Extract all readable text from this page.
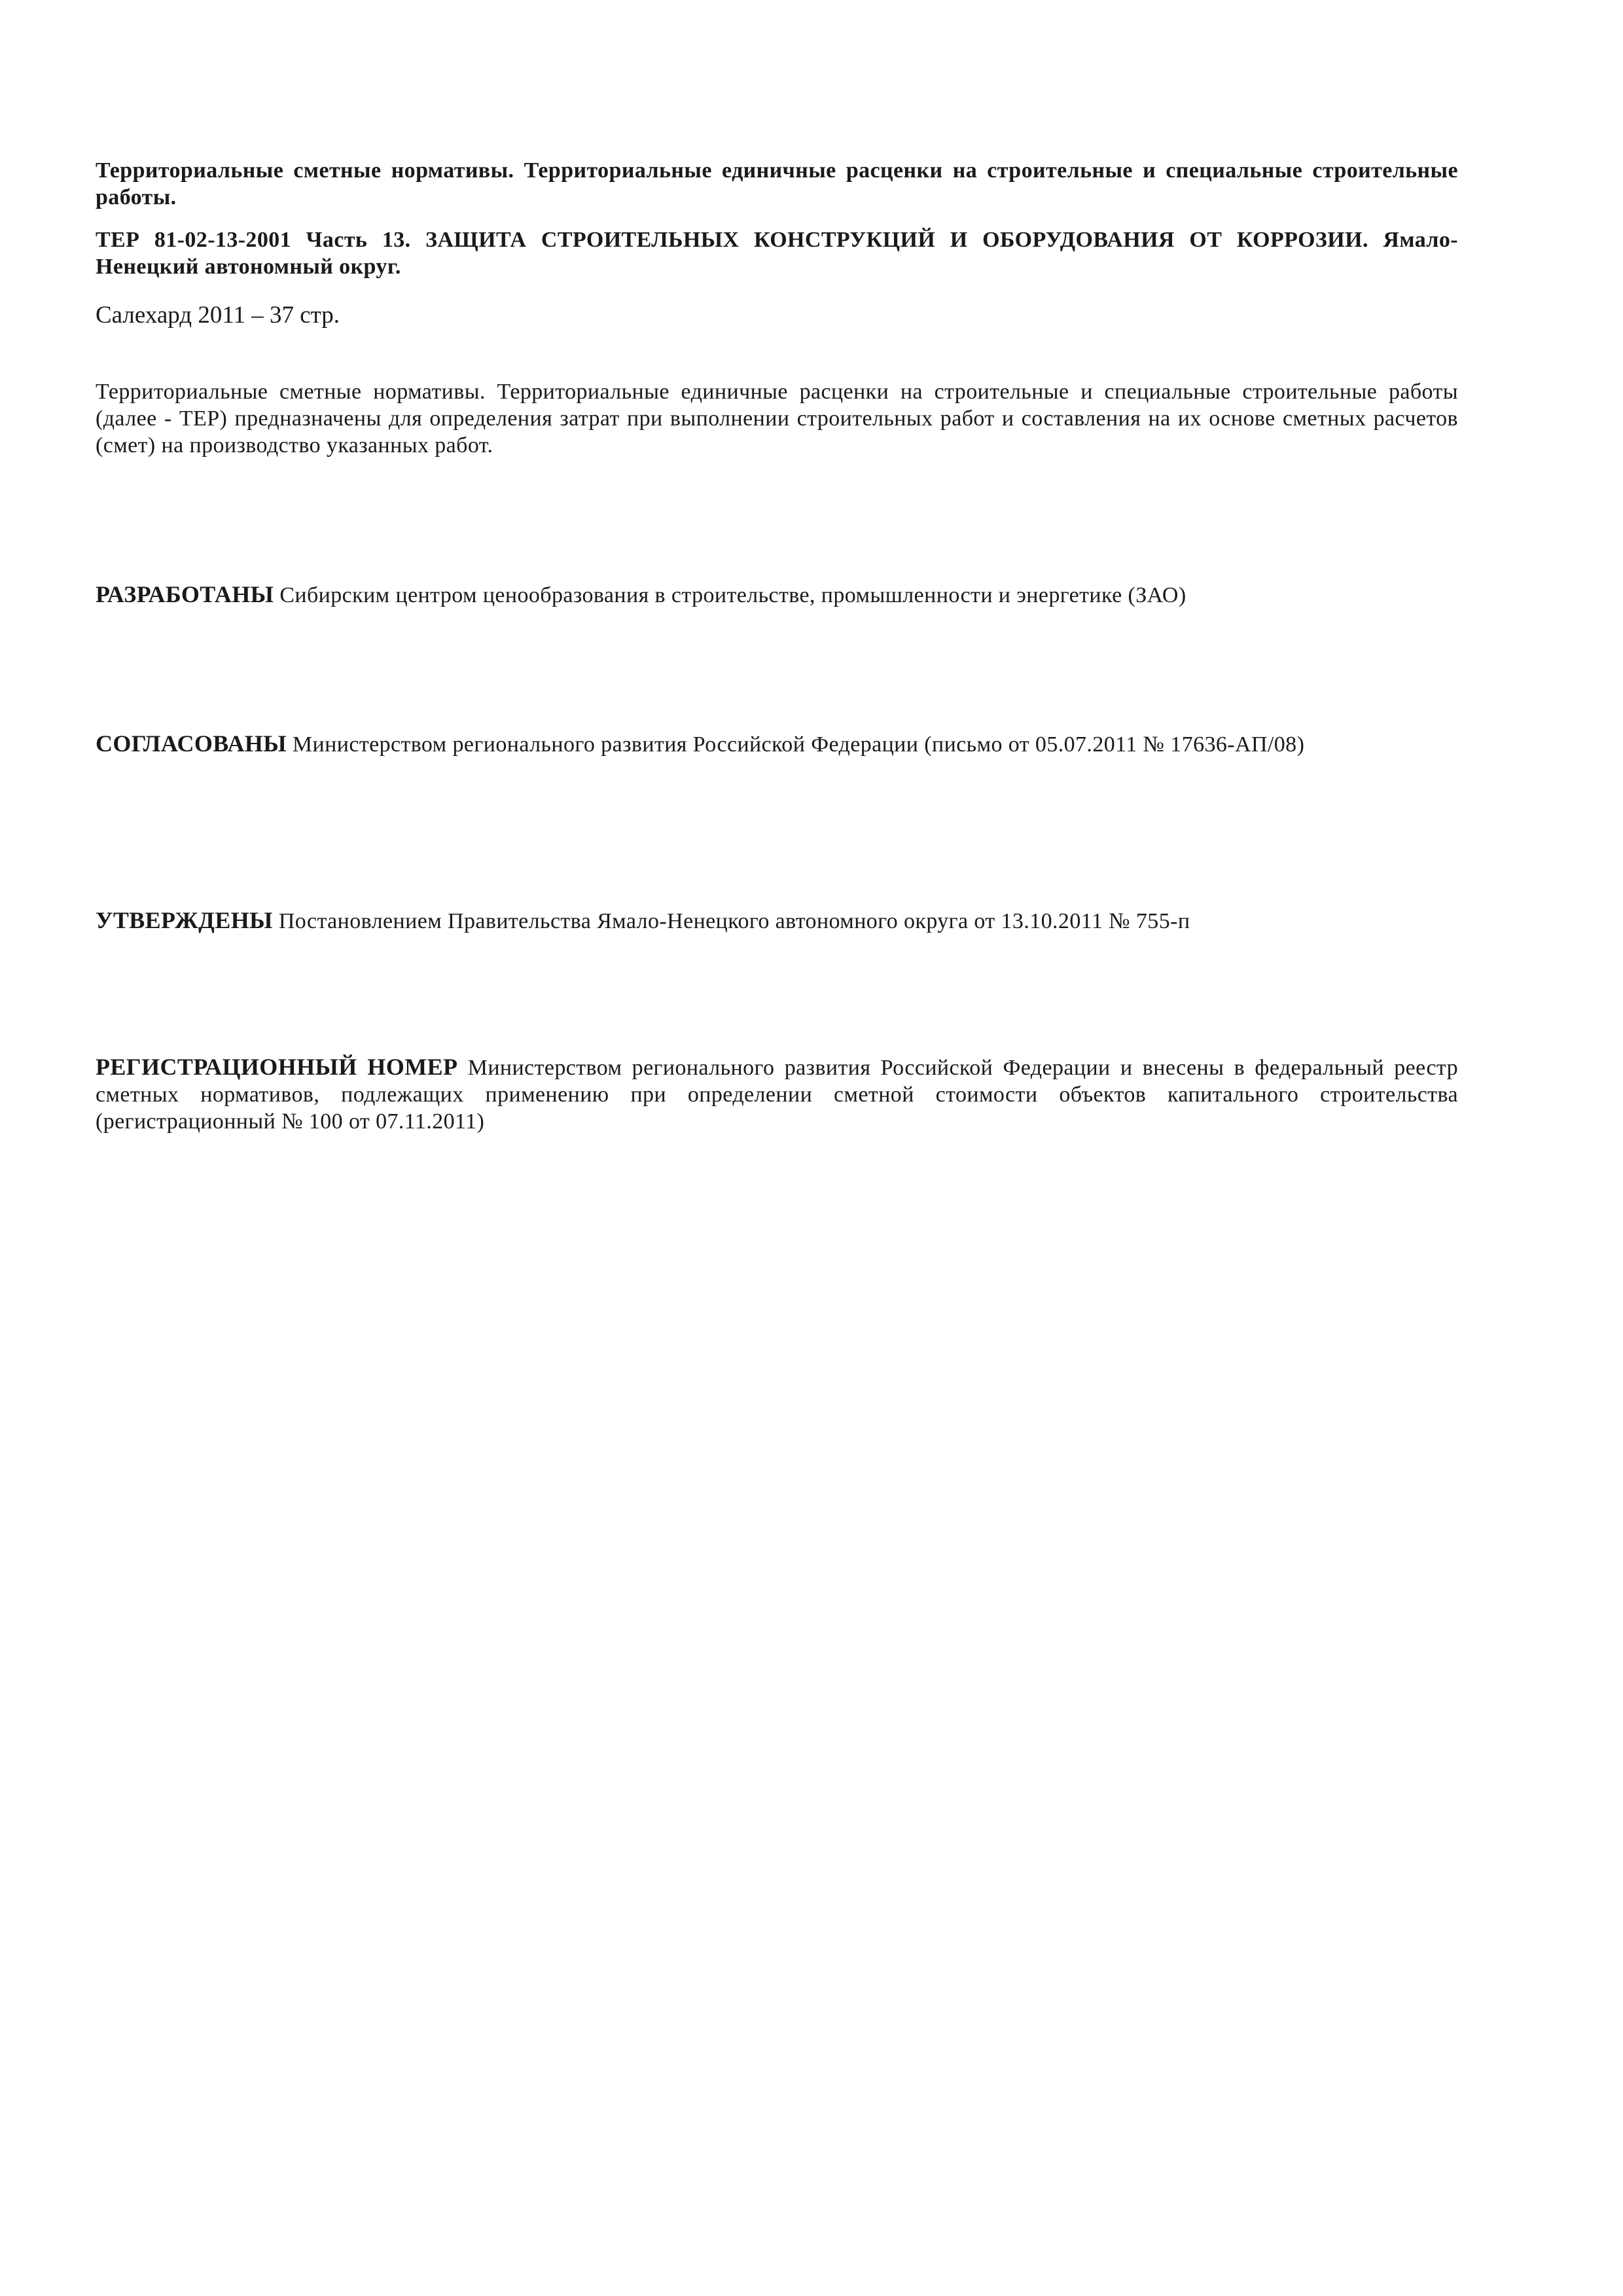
Территориальные сметные нормативы. Территориальные единичные расценки на строительные и специальные строительные работы.

ТЕР 81-02-13-2001 Часть 13. ЗАЩИТА СТРОИТЕЛЬНЫХ КОНСТРУКЦИЙ И ОБОРУДОВАНИЯ ОТ КОРРОЗИИ. Ямало-Ненецкий автономный округ.

Салехард 2011 – 37 стр.

Территориальные сметные нормативы. Территориальные единичные расценки на строительные и специальные строительные работы (далее - ТЕР) предназначены для определения затрат при выполнении строительных работ и составления на их основе сметных расчетов (смет) на производство указанных работ.

РАЗРАБОТАНЫ Сибирским центром ценообразования в строительстве, промышленности и энергетике (ЗАО)

СОГЛАСОВАНЫ Министерством регионального развития Российской Федерации (письмо от 05.07.2011 № 17636-АП/08)

УТВЕРЖДЕНЫ Постановлением Правительства Ямало-Ненецкого автономного округа от 13.10.2011 № 755-п

РЕГИСТРАЦИОННЫЙ НОМЕР Министерством регионального развития Российской Федерации и внесены в федеральный реестр сметных нормативов, подлежащих применению при определении сметной стоимости объектов капитального строительства (регистрационный № 100 от 07.11.2011)
